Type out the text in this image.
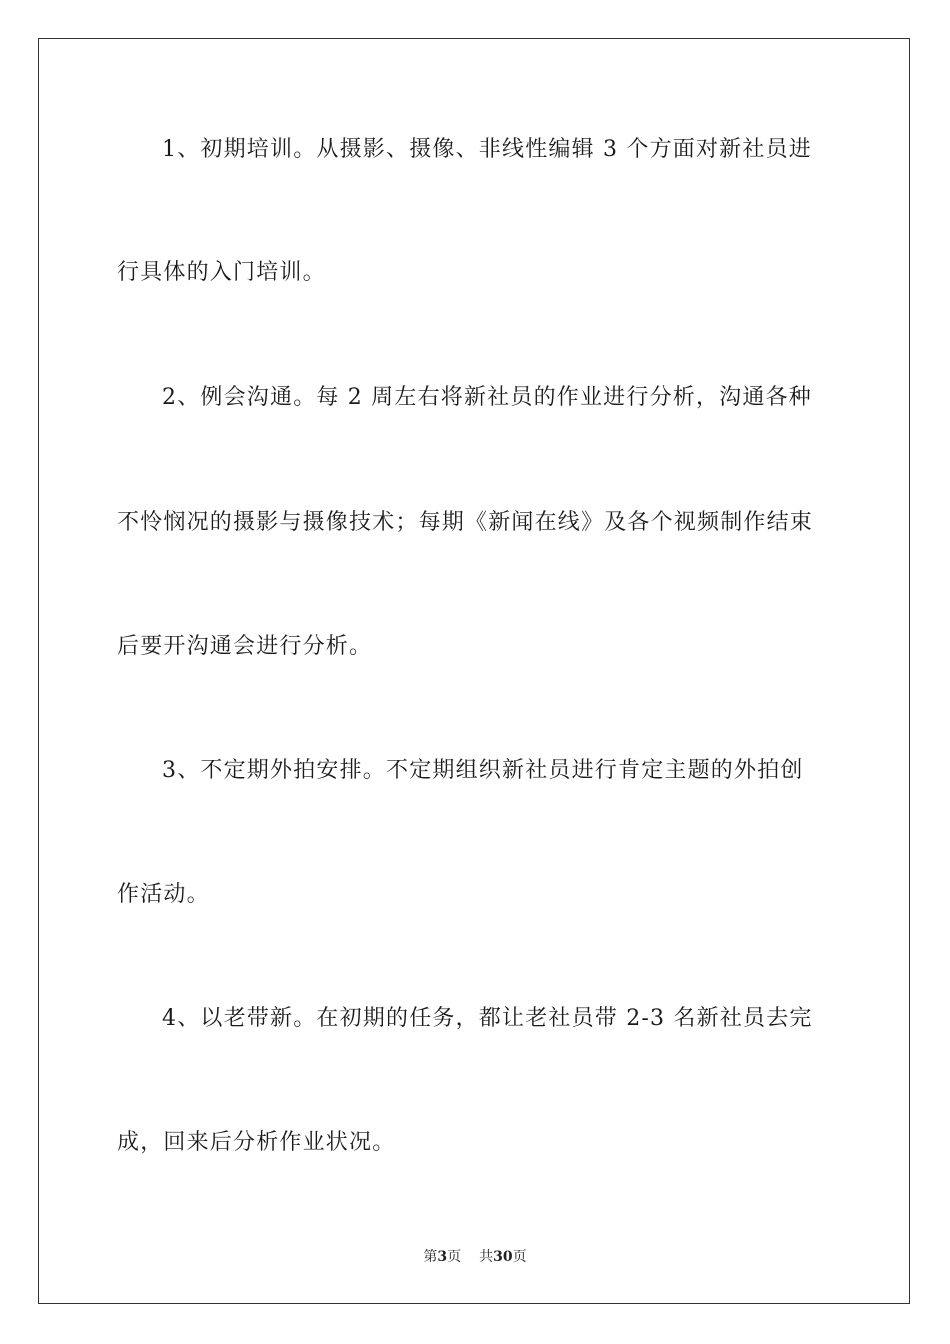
1、初期培训。从摄影、摄像、非线性编辑 3 个方面对新社员进
行具体的入门培训。
2、例会沟通。每 2 周左右将新社员的作业进行分析，沟通各种
不怜悯况的摄影与摄像技术；每期《新闻在线》及各个视频制作结束
后要开沟通会进行分析。
3、不定期外拍安排。不定期组织新社员进行肯定主题的外拍创
作活动。
4、以老带新。在初期的任务，都让老社员带 2-3 名新社员去完
成，回来后分析作业状况。
第3页 共30页
